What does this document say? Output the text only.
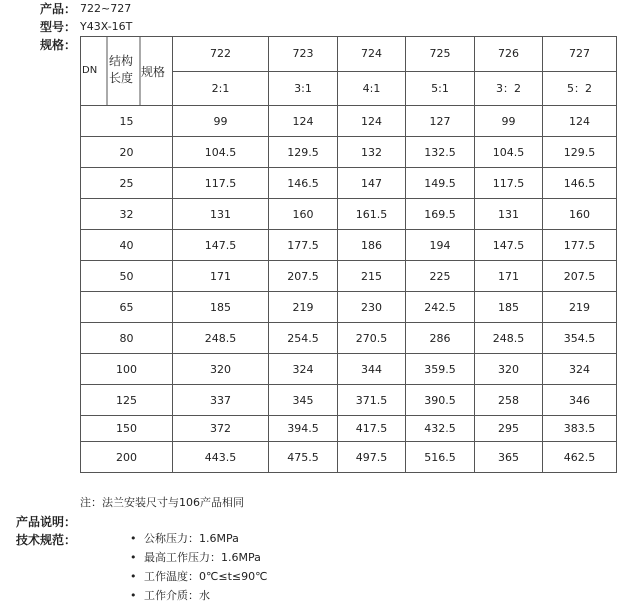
产品： 722~727
型号： Y43X-16T
规格：
DN
结构长度 规格	722	723	724	725	726	727
	2:1	3:1	4:1	5:1	3：2	5：2
15	99	124	124	127	99	124
20	104.5	129.5	132	132.5	104.5	129.5
25	117.5	146.5	147	149.5	117.5	146.5
32	131	160	161.5	169.5	131	160
40	147.5	177.5	186	194	147.5	177.5
50	171	207.5	215	225	171	207.5
65	185	219	230	242.5	185	219
80	248.5	254.5	270.5	286	248.5	354.5
100	320	324	344	359.5	320	324
125	337	345	371.5	390.5	258	346
150	372	394.5	417.5	432.5	295	383.5
200	443.5	475.5	497.5	516.5	365	462.5
注：法兰安装尺寸与106产品相同
产品说明：
技术规范：	• 公称压力：1.6MPa
• 最高工作压力：1.6MPa
• 工作温度：0℃≤t≤90℃
• 工作介质：水
